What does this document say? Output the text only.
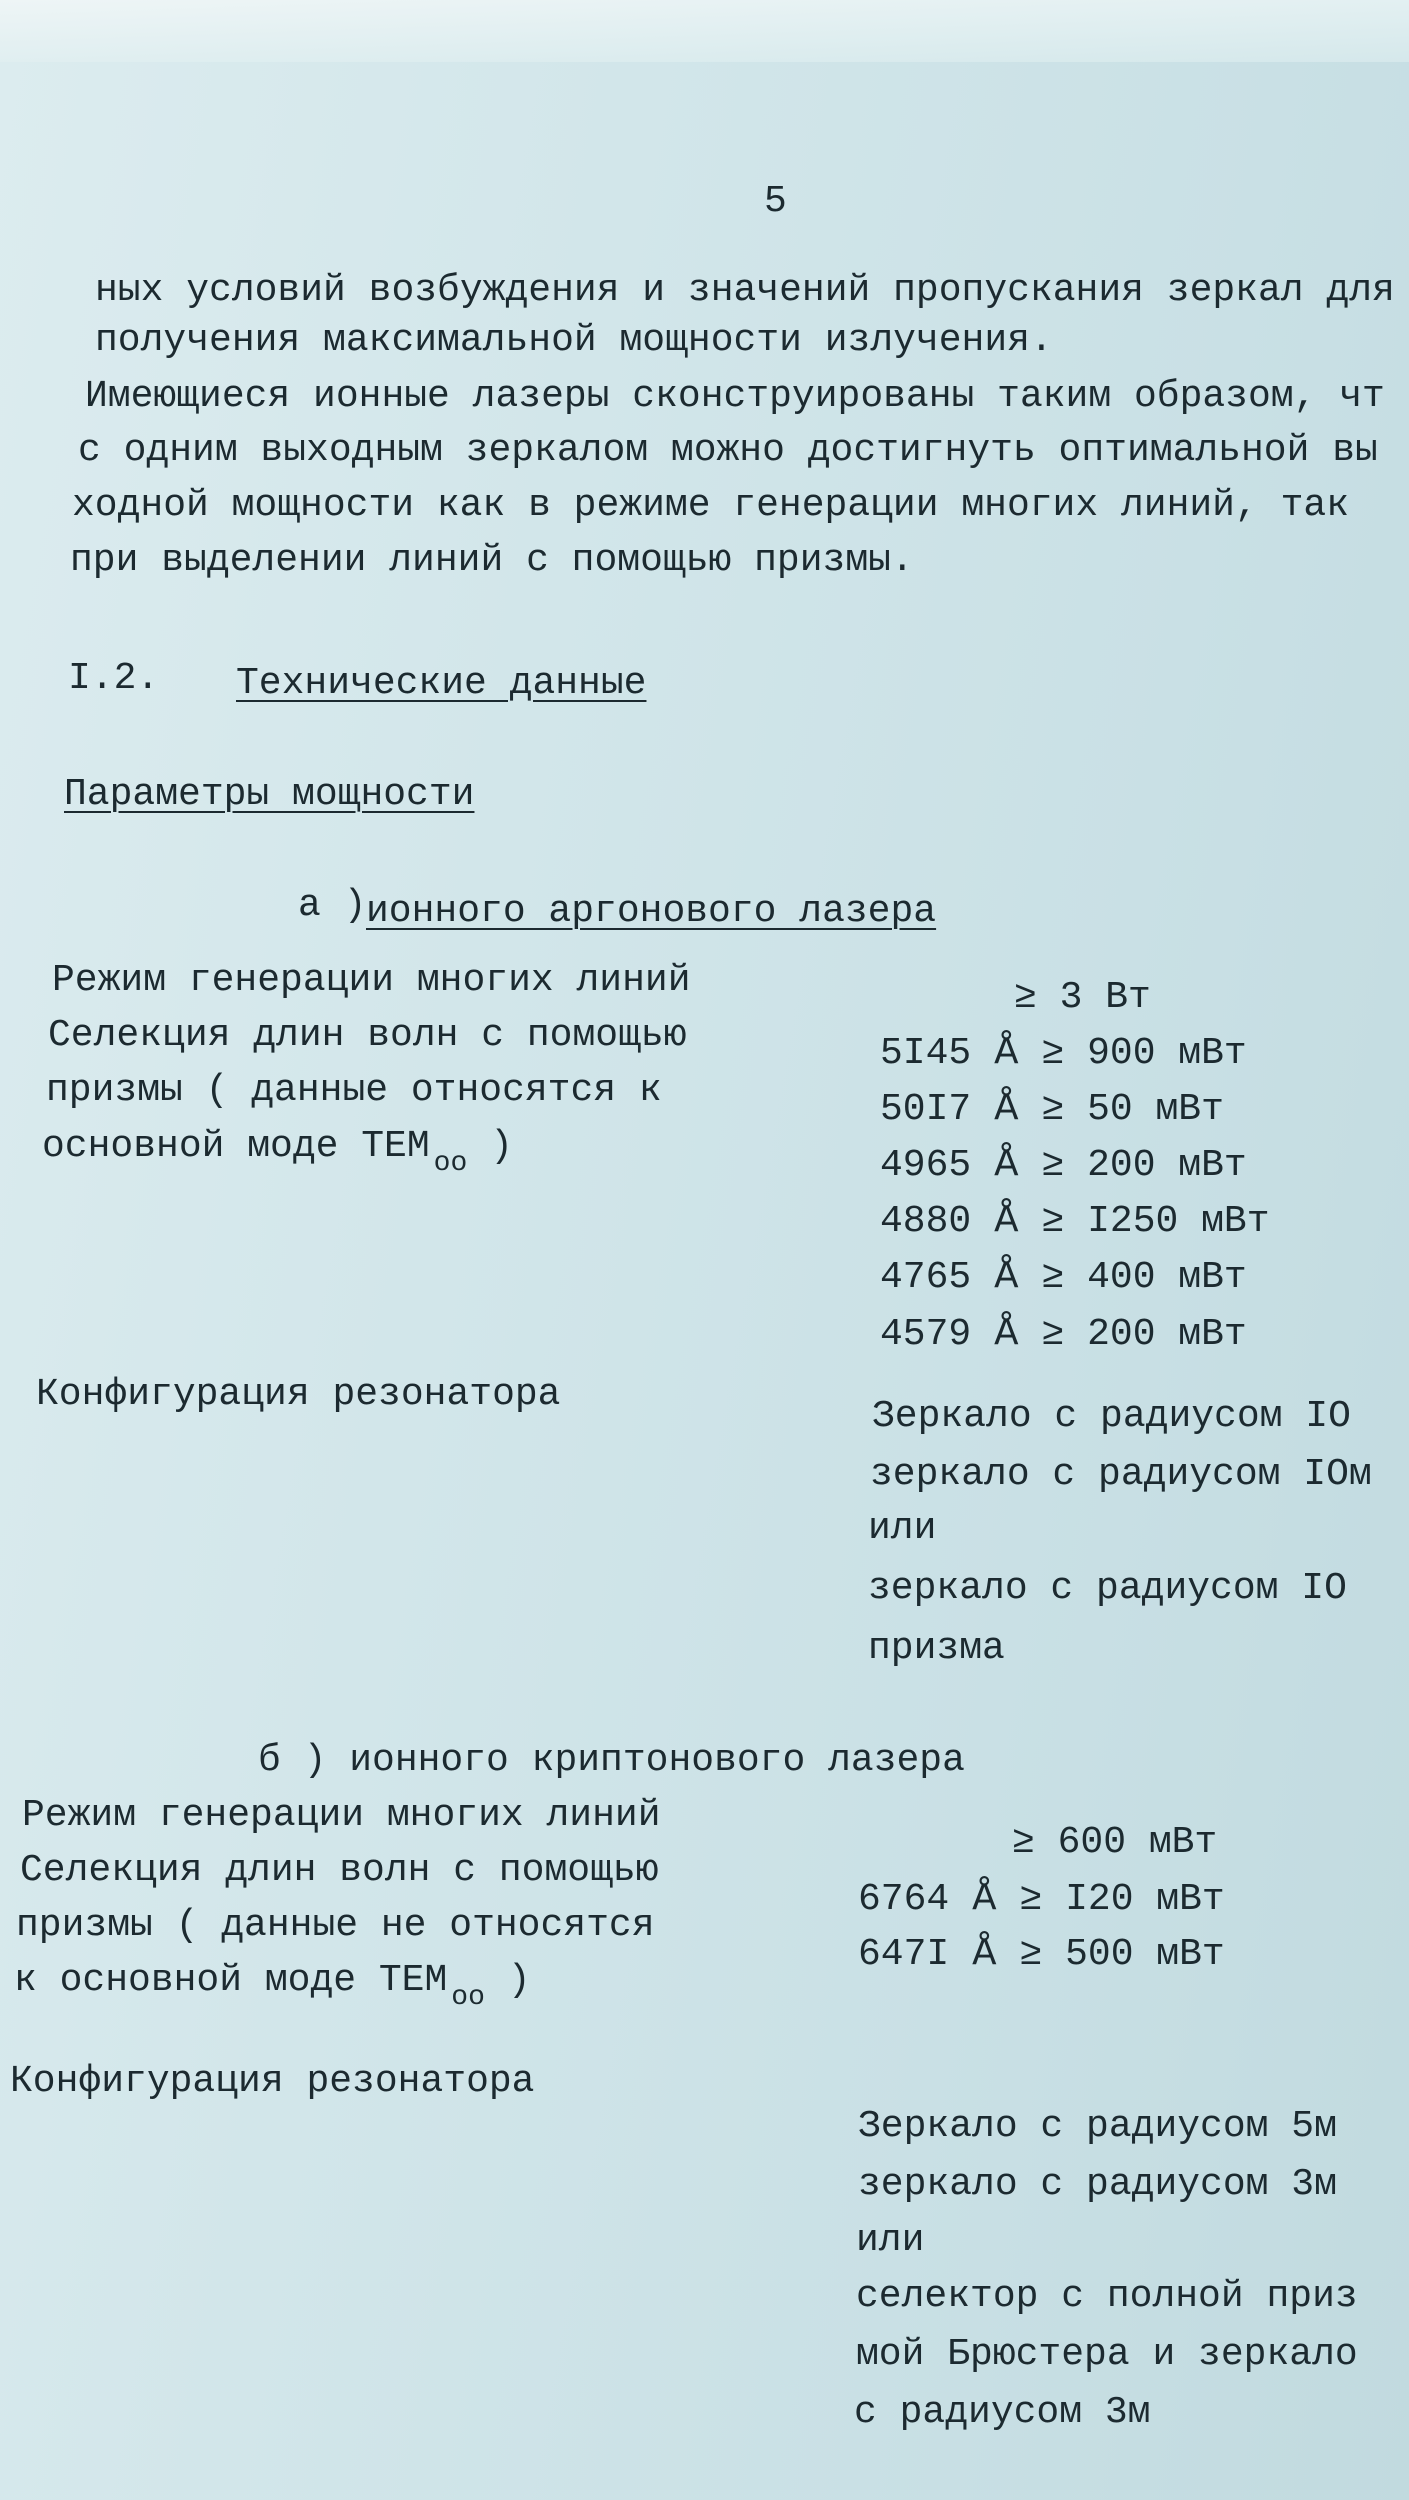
5
ных условий возбуждения и значений пропускания зеркал для
получения максимальной мощности излучения.
Имеющиеся ионные лазеры сконструированы таким образом, чт
с одним выходным зеркалом можно достигнуть оптимальной вы
ходной мощности как в режиме генерации многих линий, так
при выделении линий с помощью призмы.
I.2. Технические данные
Параметры мощности
а ) ионного аргонового лазера
Режим генерации многих линий
Селекция длин волн с помощью
призмы ( данные относятся к
основной моде ТЕМ $_{оо}$ )
≥ 3 Вт
5I45 Å ≥ 900 мВт
50I7 Å ≥ 50 мВт
4965 Å ≥ 200 мВт
4880 Å ≥ I250 мВт
4765 Å ≥ 400 мВт
4579 Å ≥ 200 мВт
Конфигурация резонатора
Зеркало с радиусом IO
зеркало с радиусом IOм
или
зеркало с радиусом IO
призма
б ) ионного криптонового лазера
Режим генерации многих линий
Селекция длин волн с помощью
призмы ( данные не относятся
к основной моде ТЕМ $_{оо}$ )
≥ 600 мВт
6764 Å ≥ I20 мВт
647I Å ≥ 500 мВт
Конфигурация резонатора
Зеркало с радиусом 5м
зеркало с радиусом 3м
или
селектор с полной приз
мой Брюстера и зеркало
с радиусом 3м
